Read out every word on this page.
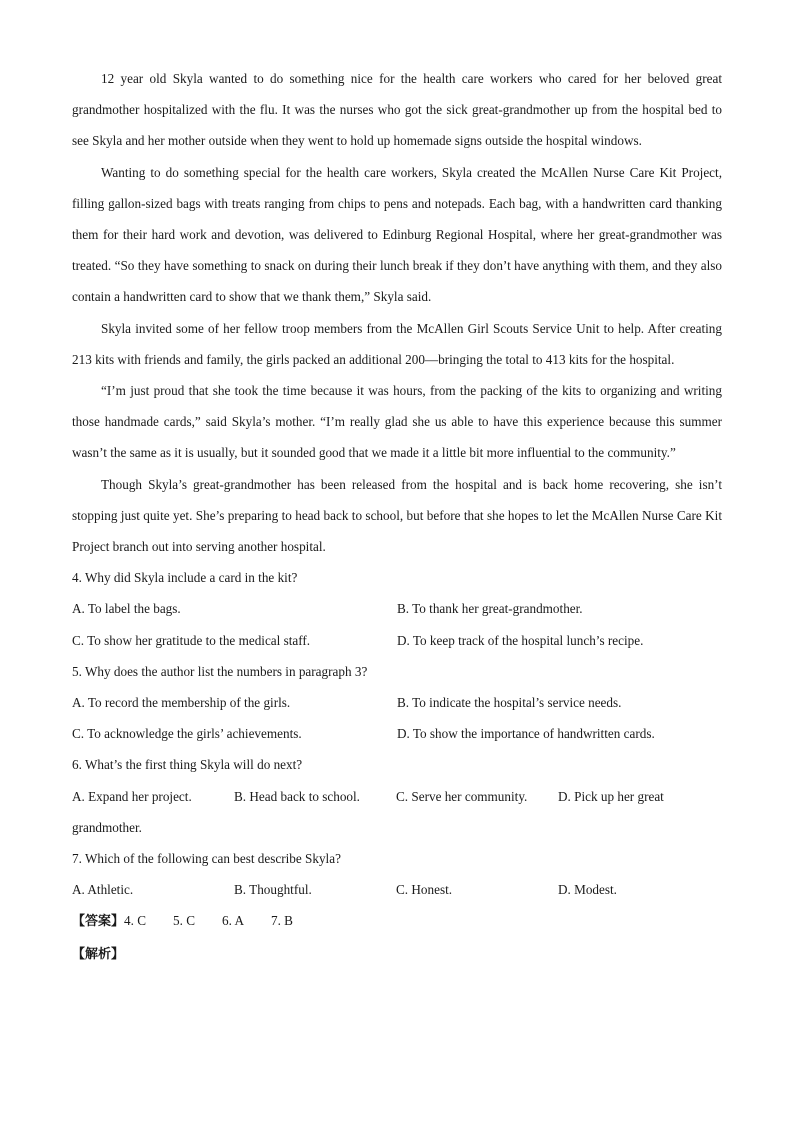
12 year old Skyla wanted to do something nice for the health care workers who cared for her beloved great grandmother hospitalized with the flu. It was the nurses who got the sick great-grandmother up from the hospital bed to see Skyla and her mother outside when they went to hold up homemade signs outside the hospital windows.

Wanting to do something special for the health care workers, Skyla created the McAllen Nurse Care Kit Project, filling gallon-sized bags with treats ranging from chips to pens and notepads. Each bag, with a handwritten card thanking them for their hard work and devotion, was delivered to Edinburg Regional Hospital, where her great-grandmother was treated. “So they have something to snack on during their lunch break if they don’t have anything with them, and they also contain a handwritten card to show that we thank them,” Skyla said.

Skyla invited some of her fellow troop members from the McAllen Girl Scouts Service Unit to help. After creating 213 kits with friends and family, the girls packed an additional 200—bringing the total to 413 kits for the hospital.

“I’m just proud that she took the time because it was hours, from the packing of the kits to organizing and writing those handmade cards,” said Skyla’s mother. “I’m really glad she us able to have this experience because this summer wasn’t the same as it is usually, but it sounded good that we made it a little bit more influential to the community.”

Though Skyla’s great-grandmother has been released from the hospital and is back home recovering, she isn’t stopping just quite yet. She’s preparing to head back to school, but before that she hopes to let the McAllen Nurse Care Kit Project branch out into serving another hospital.

4. Why did Skyla include a card in the kit?

A. To label the bags.	B. To thank her great-grandmother.
C. To show her gratitude to the medical staff.	D. To keep track of the hospital lunch’s recipe.

5. Why does the author list the numbers in paragraph 3?

A. To record the membership of the girls.	B. To indicate the hospital’s service needs.
C. To acknowledge the girls’ achievements.	D. To show the importance of handwritten cards.

6. What’s the first thing Skyla will do next?

A. Expand her project.	B. Head back to school.	C. Serve her community.	D. Pick up her great

grandmother.

7. Which of the following can best describe Skyla?

A. Athletic.	B. Thoughtful.	C. Honest.	D. Modest.

【答案】4. C 5. C 6. A 7. B

【解析】
